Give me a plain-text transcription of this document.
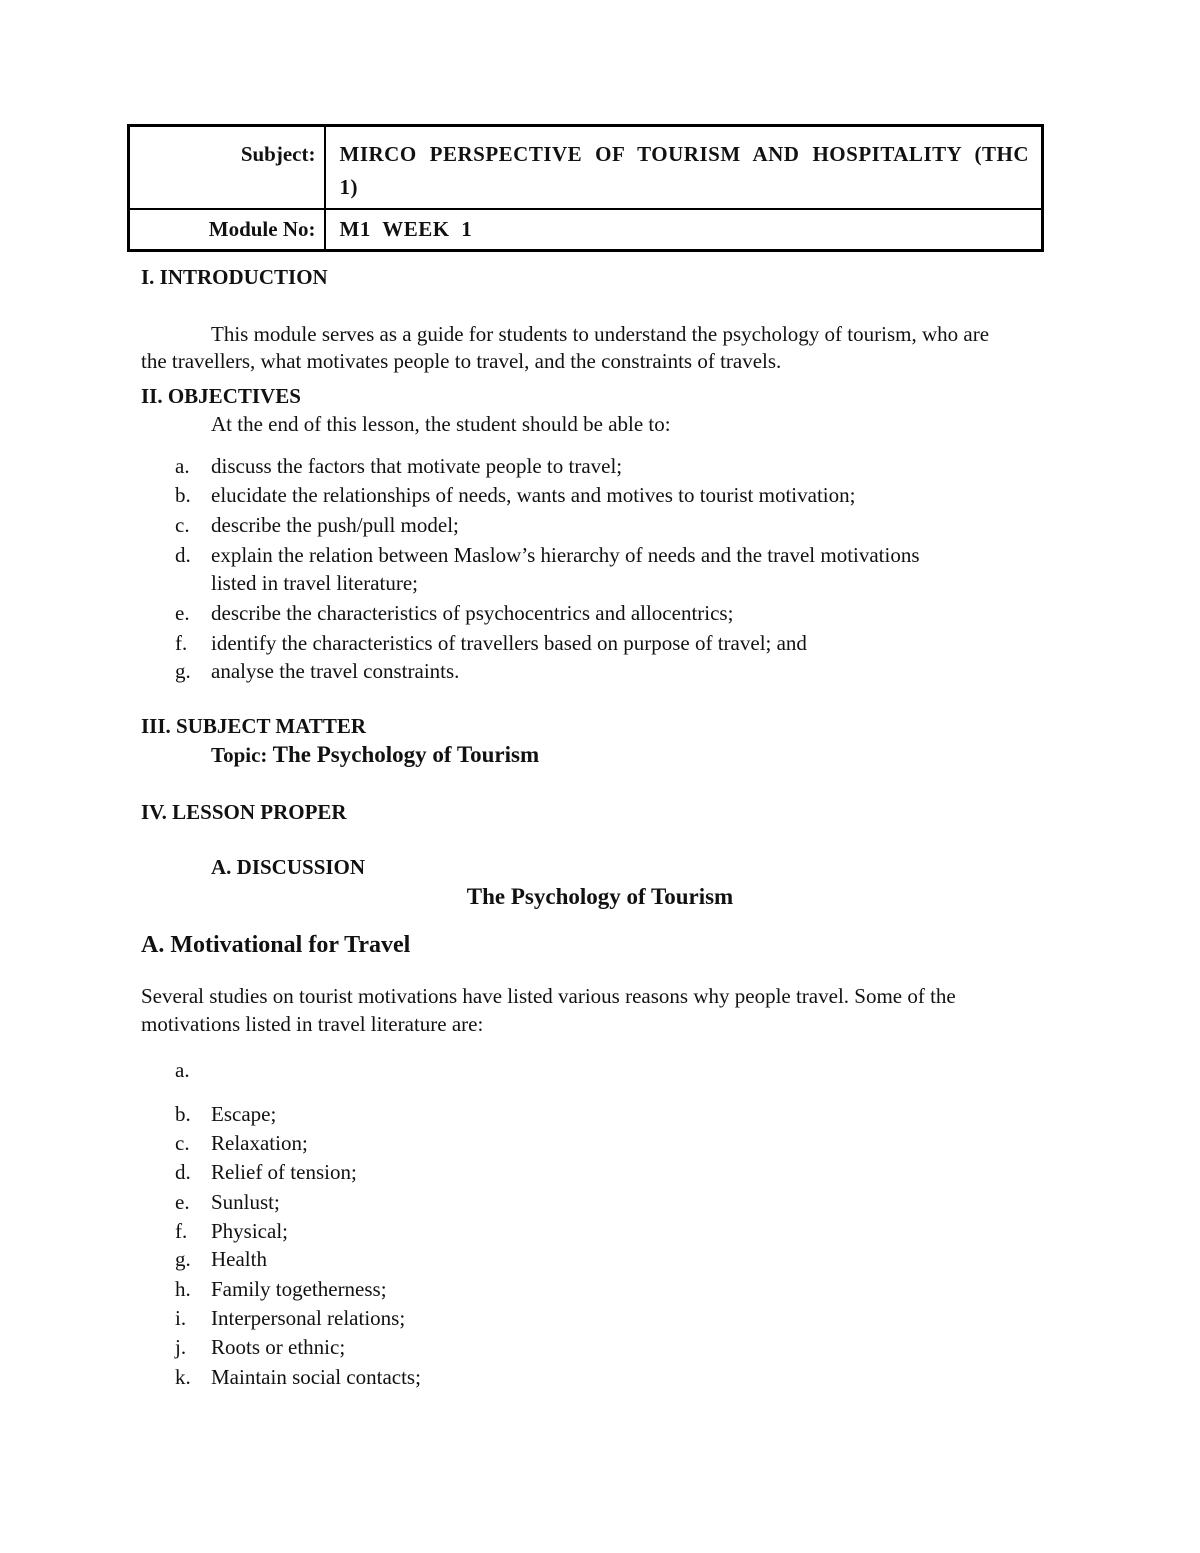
Subject:	MIRCO PERSPECTIVE OF TOURISM AND HOSPITALITY (THC 1)
Module No:	M1 WEEK 1
I. INTRODUCTION
This module serves as a guide for students to understand the psychology of tourism, who are
the travellers, what motivates people to travel, and the constraints of travels.
II. OBJECTIVES
At the end of this lesson, the student should be able to:
a. discuss the factors that motivate people to travel;
b. elucidate the relationships of needs, wants and motives to tourist motivation;
c. describe the push/pull model;
d. explain the relation between Maslow’s hierarchy of needs and the travel motivations
listed in travel literature;
e. describe the characteristics of psychocentrics and allocentrics;
f. identify the characteristics of travellers based on purpose of travel; and
g. analyse the travel constraints.
III. SUBJECT MATTER
Topic: The Psychology of Tourism
IV. LESSON PROPER
A. DISCUSSION
The Psychology of Tourism
A. Motivational for Travel
Several studies on tourist motivations have listed various reasons why people travel. Some of the
motivations listed in travel literature are:
a.
b. Escape;
c. Relaxation;
d. Relief of tension;
e. Sunlust;
f. Physical;
g. Health
h. Family togetherness;
i. Interpersonal relations;
j. Roots or ethnic;
k. Maintain social contacts;
